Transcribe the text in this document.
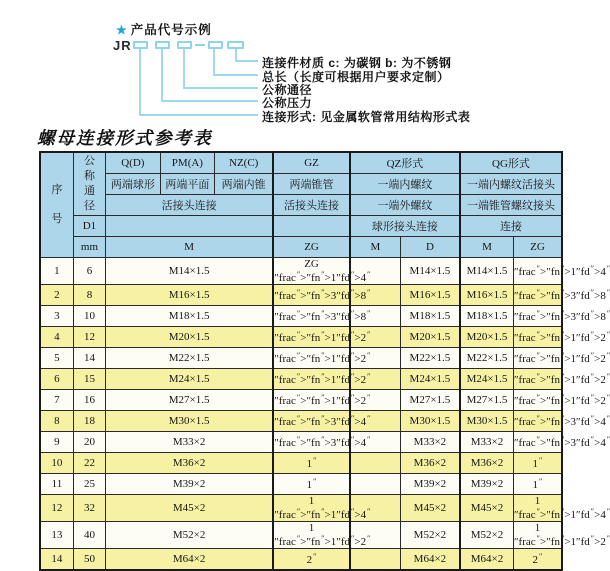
★ 产品代号示例
JR
连接件材质 c: 为碳钢 b: 为不锈钢
总长（长度可根据用户要求定制）
公称通径
公称压力
连接形式: 见金属软管常用结构形式表
螺母连接形式参考表
序号	公称通径	Q(D)	PM(A)	NZ(C)	GZ	QZ形式		QG形式	
		两端球形	两端平面	两端内锥	两端锥管	一端内螺纹		一端内螺纹活接头	
		活接头连接			活接头连接	一端外螺纹		一端锥管螺纹接头	
	D1					球形接头连接		连接	
	mm	M			ZG	M	D	M	ZG
1	6	M14×1.5			ZG ″frac″>″fn″>1″fd″ ″		M14×1.5	M14×1.5	″frac″>″fn″>1″fd″>4″
2	8	M16×1.5			″frac″>″fn″>3″fd″ ″		M16×1.5	M16×1.5	″frac″>″fn″>3″fd″>8″
3	10	M18×1.5			″frac″>″fn″>3″fd″ ″		M18×1.5	M18×1.5	″frac″>″fn″>3″fd″>8″
4	12	M20×1.5			″frac″>″fn″>1″fd″ ″		M20×1.5	M20×1.5	″frac″>″fn″>1″fd″>2″
5	14	M22×1.5			″frac″>″fn″>1″fd″ ″		M22×1.5	M22×1.5	″frac″>″fn″>1″fd″>2″
6	15	M24×1.5			″frac″>″fn″>1″fd″ ″		M24×1.5	M24×1.5	″frac″>″fn″>1″fd″>2″
7	16	M27×1.5			″frac″>″fn″>1″fd″ ″		M27×1.5	M27×1.5	″frac″>″fn″>1″fd″>2″
8	18	M30×1.5			″frac″>″fn″>3″fd″ ″		M30×1.5	M30×1.5	″frac″>″fn″>3″fd″>4″
9	20	M33×2			″frac″>″fn″>3″fd″ ″		M33×2	M33×2	″frac″>″fn″>3″fd″>4″
10	22	M36×2			1″		M36×2	M36×2	1″
11	25	M39×2			1″		M39×2	M39×2	1″
12	32	M45×2			1 ″frac″>″fn″>1″fd″ ″		M45×2	M45×2	1 ″frac″>″fn″>1″fd″>4″
13	40	M52×2			1 ″frac″>″fn″>1″fd″ ″		M52×2	M52×2	1 ″frac″>″fn″>1″fd″>2″
14	50	M64×2			2″		M64×2	M64×2	2″
